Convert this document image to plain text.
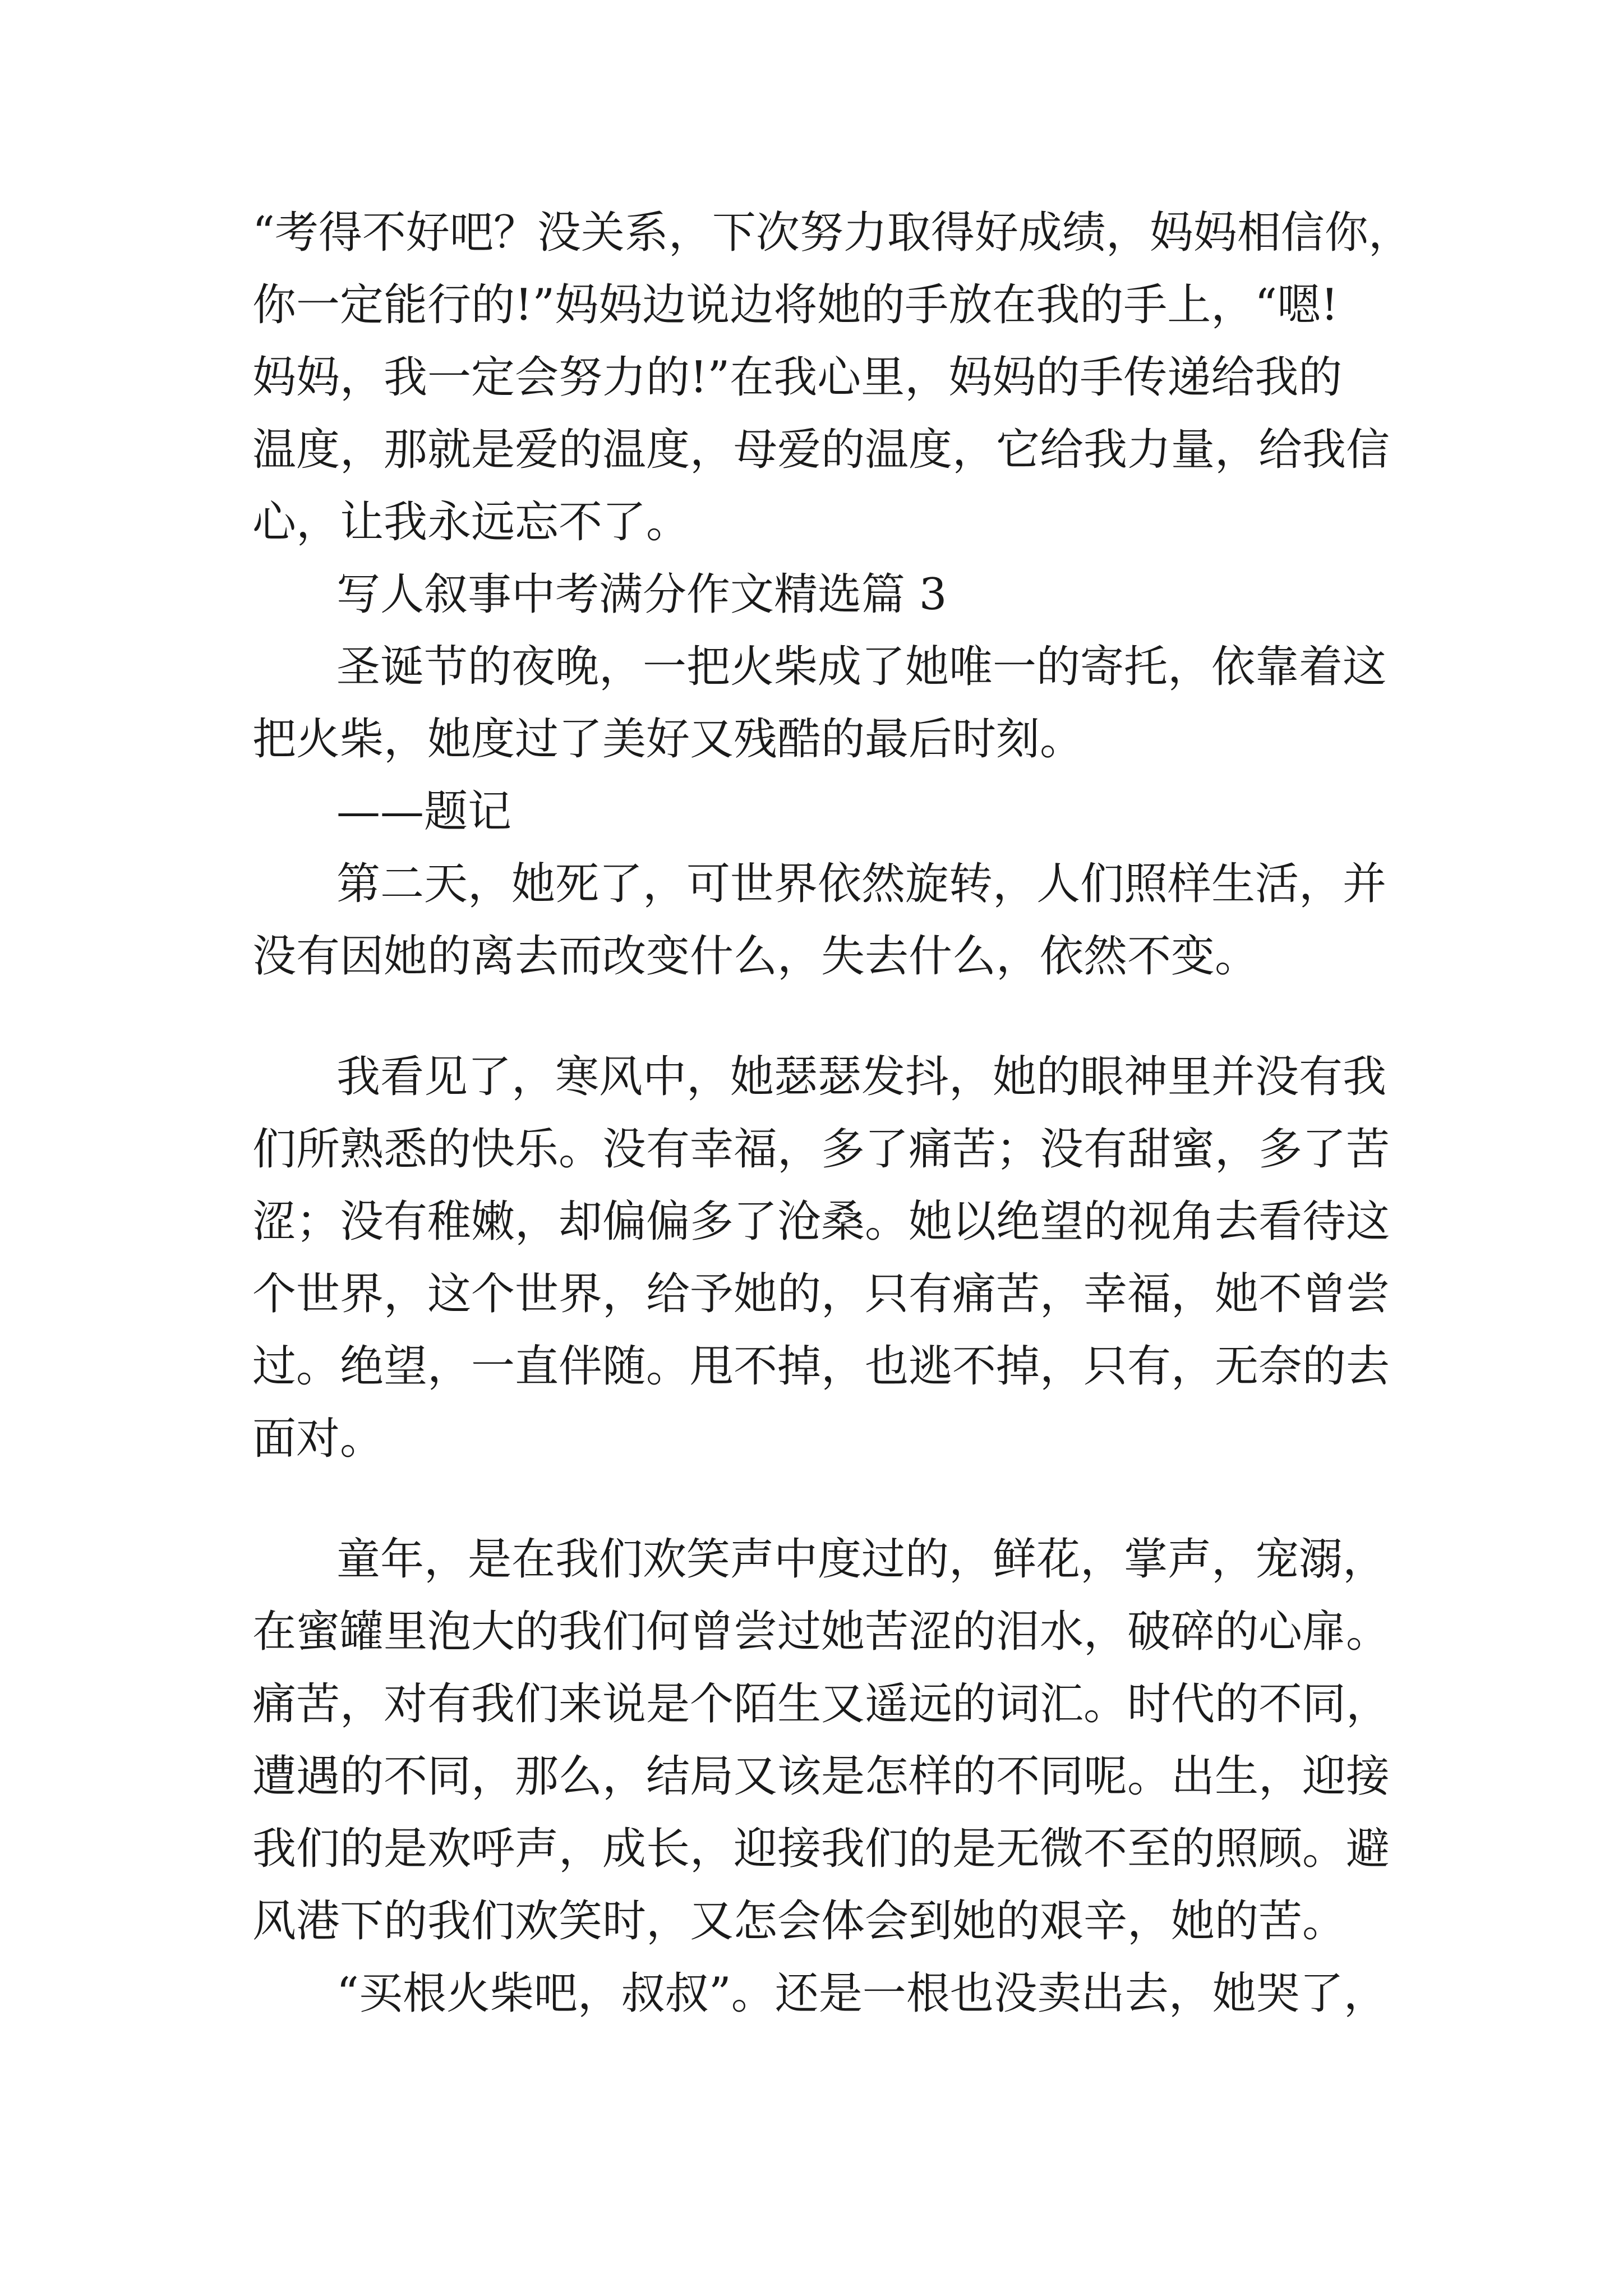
“考得不好吧？没关系，下次努力取得好成绩，妈妈相信你，
你一定能行的!”妈妈边说边将她的手放在我的手上，“嗯!
妈妈，我一定会努力的!”在我心里，妈妈的手传递给我的
温度，那就是爱的温度，母爱的温度，它给我力量，给我信
心，让我永远忘不了。
写人叙事中考满分作文精选篇 3
圣诞节的夜晚，一把火柴成了她唯一的寄托，依靠着这
把火柴，她度过了美好又残酷的最后时刻。
——题记
第二天，她死了，可世界依然旋转，人们照样生活，并
没有因她的离去而改变什么，失去什么，依然不变。
我看见了，寒风中，她瑟瑟发抖，她的眼神里并没有我
们所熟悉的快乐。没有幸福，多了痛苦；没有甜蜜，多了苦
涩；没有稚嫩，却偏偏多了沧桑。她以绝望的视角去看待这
个世界，这个世界，给予她的，只有痛苦，幸福，她不曾尝
过。绝望，一直伴随。甩不掉，也逃不掉，只有，无奈的去
面对。
童年，是在我们欢笑声中度过的，鲜花，掌声，宠溺，
在蜜罐里泡大的我们何曾尝过她苦涩的泪水，破碎的心扉。
痛苦，对有我们来说是个陌生又遥远的词汇。时代的不同，
遭遇的不同，那么，结局又该是怎样的不同呢。出生，迎接
我们的是欢呼声，成长，迎接我们的是无微不至的照顾。避
风港下的我们欢笑时，又怎会体会到她的艰辛，她的苦。
“买根火柴吧，叔叔”。还是一根也没卖出去，她哭了，
